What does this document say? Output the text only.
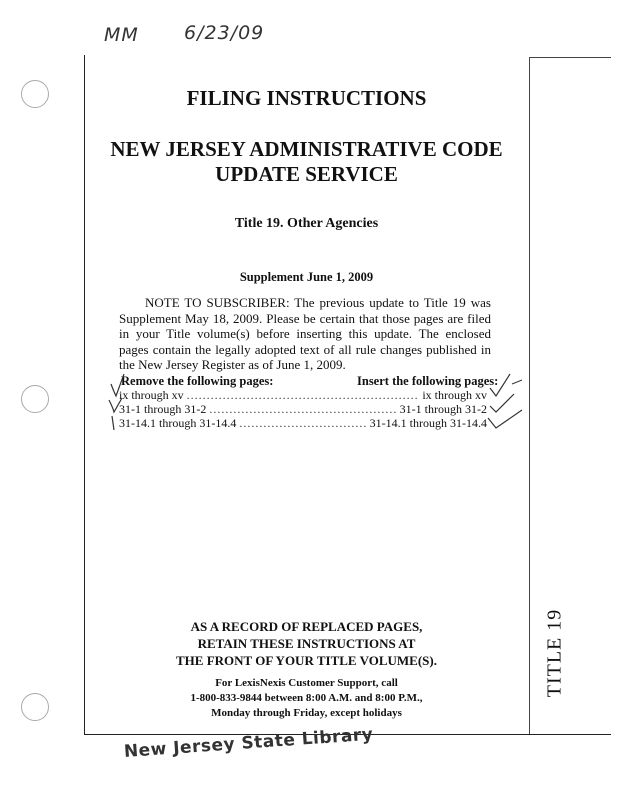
MM 6/23/09
FILING INSTRUCTIONS
NEW JERSEY ADMINISTRATIVE CODE
UPDATE SERVICE
Title 19. Other Agencies
Supplement June 1, 2009
NOTE TO SUBSCRIBER: The previous update to Title 19 was Supplement May 18, 2009. Please be certain that those pages are filed in your Title volume(s) before inserting this update. The enclosed pages contain the legally adopted text of all rule changes published in the New Jersey Register as of June 1, 2009.
Remove the following pages:	Insert the following pages:
ix through xv .....	ix through xv
31-1 through 31-2 .....	31-1 through 31-2
31-14.1 through 31-14.4 .....	31-14.1 through 31-14.4
AS A RECORD OF REPLACED PAGES,
RETAIN THESE INSTRUCTIONS AT
THE FRONT OF YOUR TITLE VOLUME(S).
For LexisNexis Customer Support, call
1-800-833-9844 between 8:00 A.M. and 8:00 P.M.,
Monday through Friday, except holidays
TITLE 19
New Jersey State Library
